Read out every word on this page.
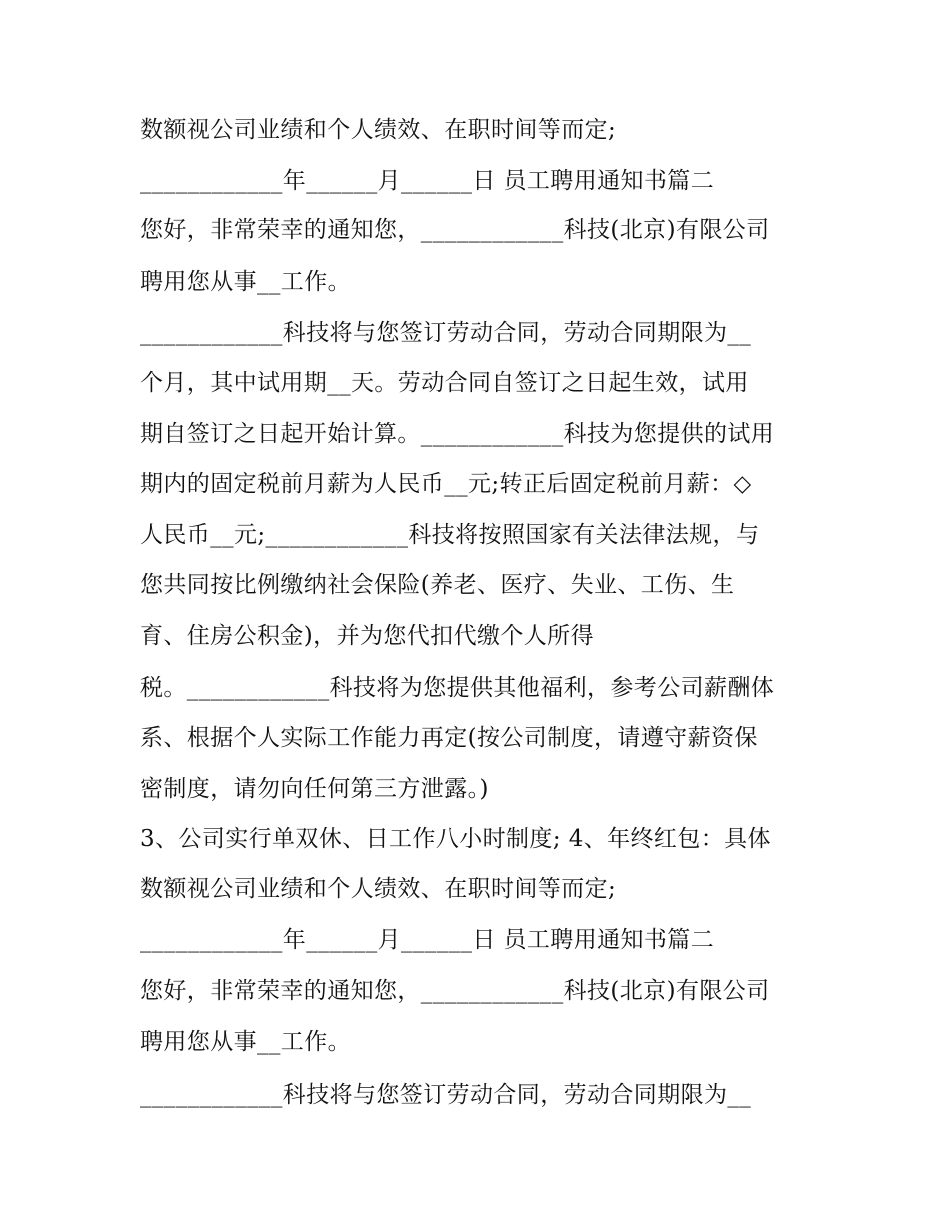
数额视公司业绩和个人绩效、在职时间等而定;
____________年______月______日 员工聘用通知书篇二
您好，非常荣幸的通知您，____________科技(北京)有限公司
聘用您从事__工作。
____________科技将与您签订劳动合同，劳动合同期限为__
个月，其中试用期__天。劳动合同自签订之日起生效，试用
期自签订之日起开始计算。____________科技为您提供的试用
期内的固定税前月薪为人民币__元;转正后固定税前月薪：◇
人民币__元;____________科技将按照国家有关法律法规，与
您共同按比例缴纳社会保险(养老、医疗、失业、工伤、生
育、住房公积金)，并为您代扣代缴个人所得
税。____________科技将为您提供其他福利，参考公司薪酬体
系、根据个人实际工作能力再定(按公司制度，请遵守薪资保
密制度，请勿向任何第三方泄露。)
3、公司实行单双休、日工作八小时制度; 4、年终红包：具体
数额视公司业绩和个人绩效、在职时间等而定;
____________年______月______日 员工聘用通知书篇二
您好，非常荣幸的通知您，____________科技(北京)有限公司
聘用您从事__工作。
____________科技将与您签订劳动合同，劳动合同期限为__
